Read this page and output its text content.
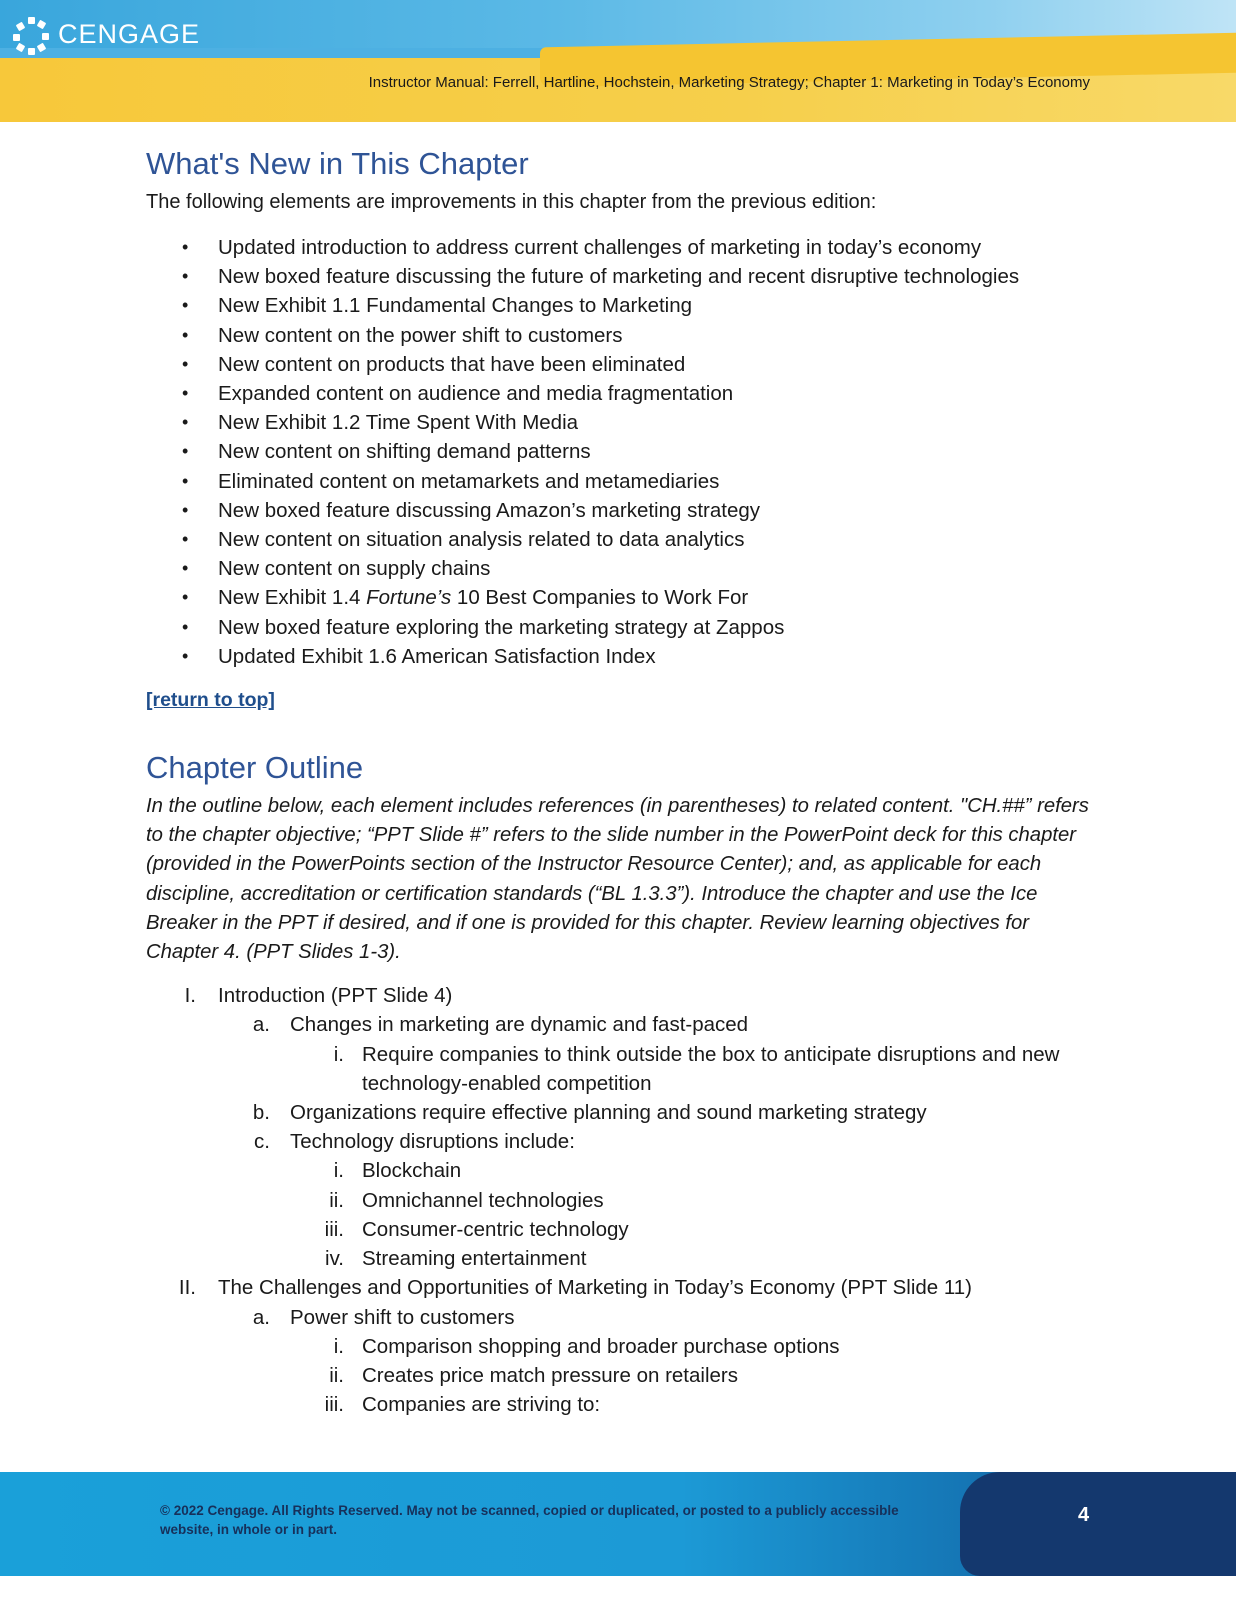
CENGAGE
Instructor Manual: Ferrell, Hartline, Hochstein, Marketing Strategy; Chapter 1: Marketing in Today’s Economy
What's New in This Chapter

The following elements are improvements in this chapter from the previous edition:

• Updated introduction to address current challenges of marketing in today’s economy
• New boxed feature discussing the future of marketing and recent disruptive technologies
• New Exhibit 1.1 Fundamental Changes to Marketing
• New content on the power shift to customers
• New content on products that have been eliminated
• Expanded content on audience and media fragmentation
• New Exhibit 1.2 Time Spent With Media
• New content on shifting demand patterns
• Eliminated content on metamarkets and metamediaries
• New boxed feature discussing Amazon’s marketing strategy
• New content on situation analysis related to data analytics
• New content on supply chains
• New Exhibit 1.4 Fortune’s 10 Best Companies to Work For
• New boxed feature exploring the marketing strategy at Zappos
• Updated Exhibit 1.6 American Satisfaction Index
[return to top]
Chapter Outline

In the outline below, each element includes references (in parentheses) to related content. "CH.##” refers to the chapter objective; “PPT Slide #” refers to the slide number in the PowerPoint deck for this chapter (provided in the PowerPoints section of the Instructor Resource Center); and, as applicable for each discipline, accreditation or certification standards (“BL 1.3.3”). Introduce the chapter and use the Ice Breaker in the PPT if desired, and if one is provided for this chapter. Review learning objectives for Chapter 4. (PPT Slides 1-3).

I. Introduction (PPT Slide 4)
a. Changes in marketing are dynamic and fast-paced
i. Require companies to think outside the box to anticipate disruptions and new technology-enabled competition
b. Organizations require effective planning and sound marketing strategy
c. Technology disruptions include:
i. Blockchain
ii. Omnichannel technologies
iii. Consumer-centric technology
iv. Streaming entertainment
II. The Challenges and Opportunities of Marketing in Today’s Economy (PPT Slide 11)
a. Power shift to customers
i. Comparison shopping and broader purchase options
ii. Creates price match pressure on retailers
iii. Companies are striving to:
© 2022 Cengage. All Rights Reserved. May not be scanned, copied or duplicated, or posted to a publicly accessible website, in whole or in part.
4
